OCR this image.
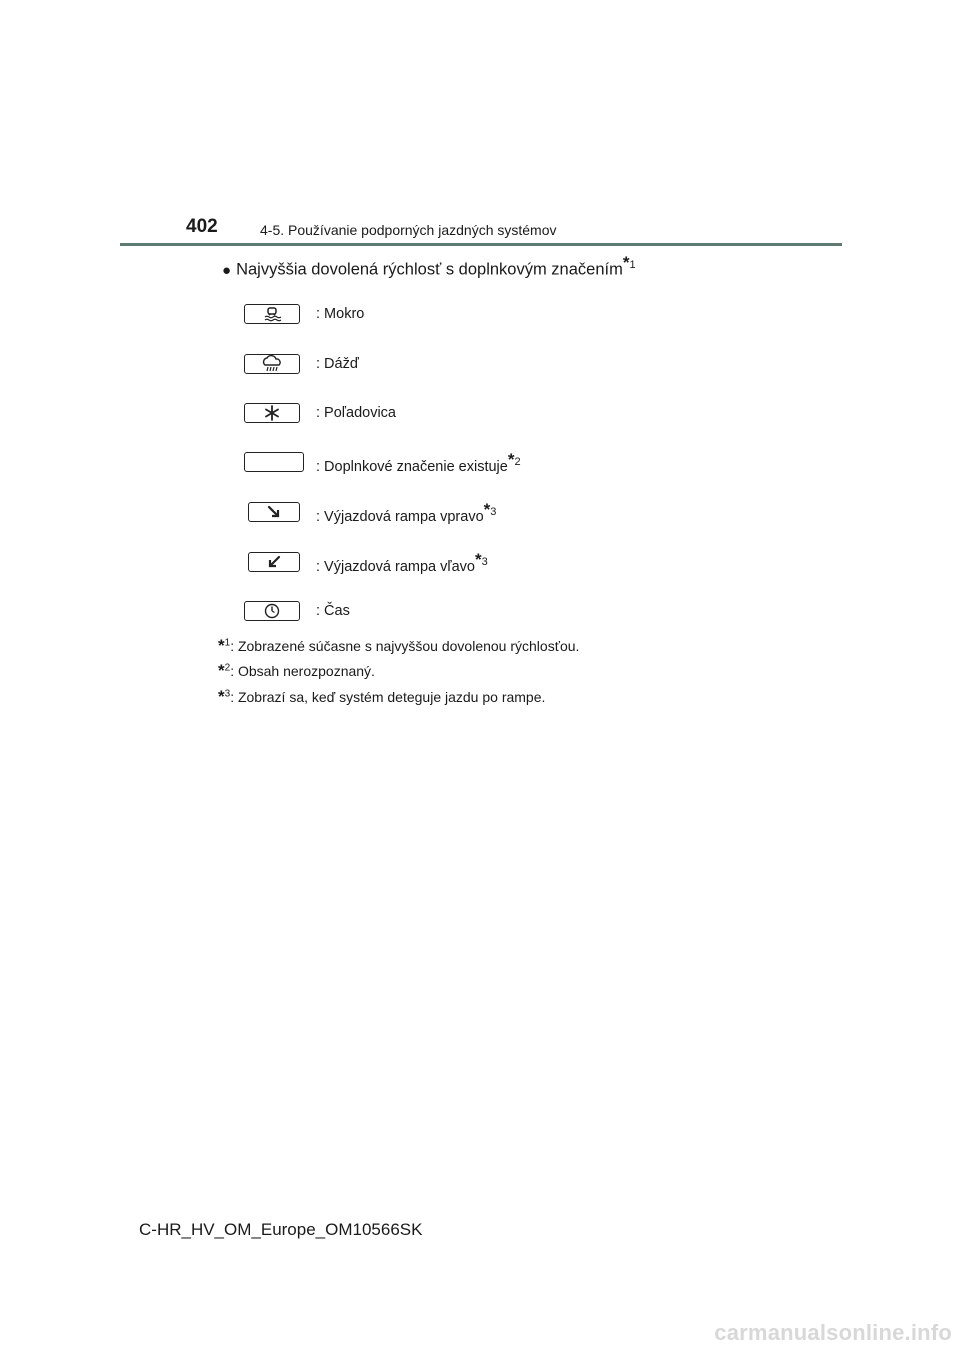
402	4-5. Používanie podporných jazdných systémov
● Najvyššia dovolená rýchlosť s doplnkovým značením$^{*1}$
: Mokro
: Dážď
: Poľadovica
: Doplnkové značenie existuje$^{*2}$
: Výjazdová rampa vpravo$^{*3}$
: Výjazdová rampa vľavo$^{*3}$
: Čas
*$^1$: Zobrazené súčasne s najvyššou dovolenou rýchlosťou.
*$^2$: Obsah nerozpoznaný.
*$^3$: Zobrazí sa, keď systém deteguje jazdu po rampe.
C-HR_HV_OM_Europe_OM10566SK
carmanualsonline.info
